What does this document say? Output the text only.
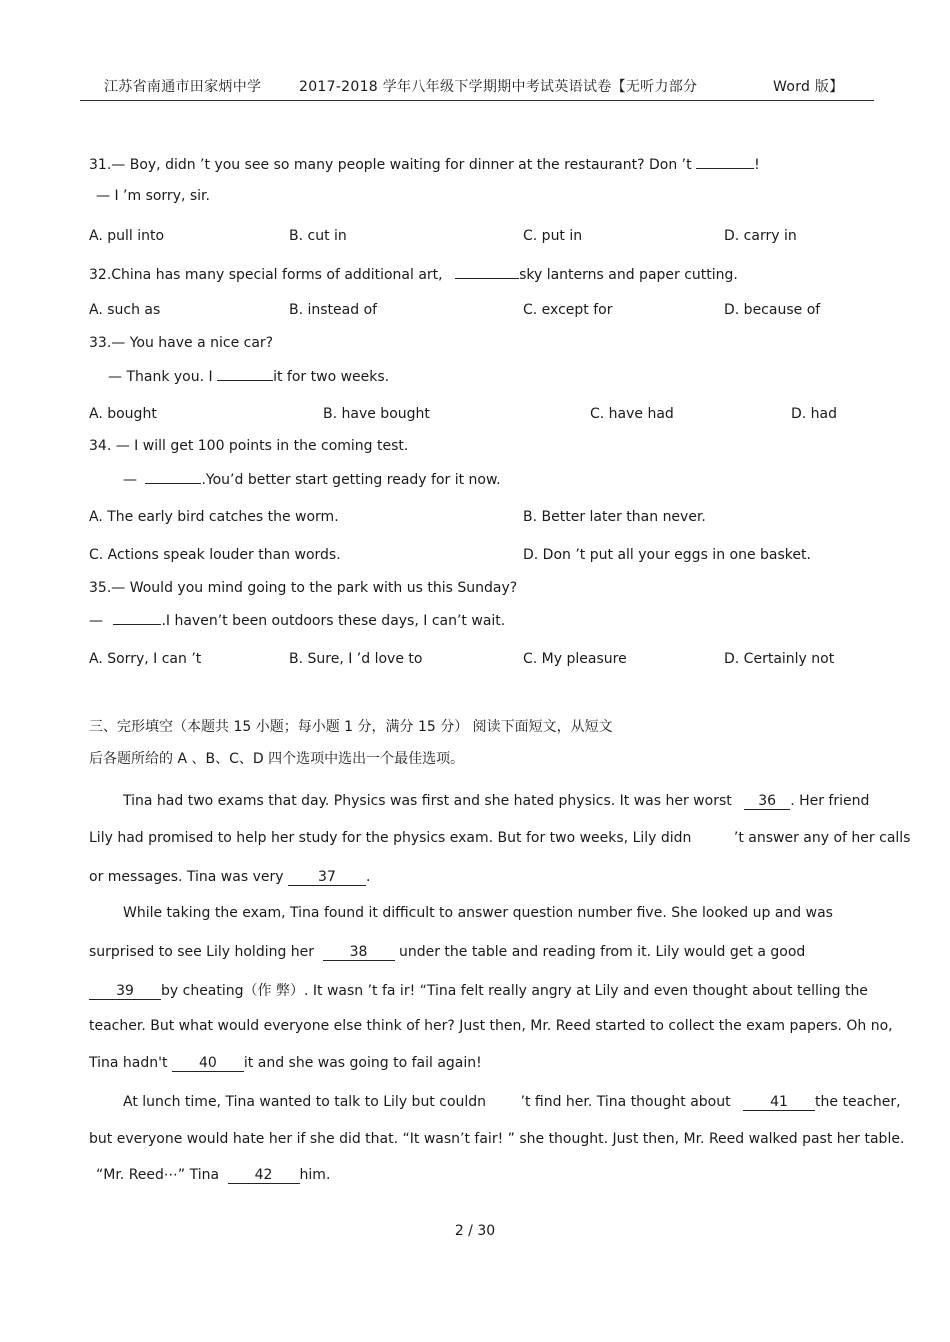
江苏省南通市田家炳中学	2017-2018 学年八年级下学期期中考试英语试卷【无听力部分	Word 版】
31.— Boy, didn ’t you see so many people waiting for dinner at the restaurant? Don ’t	!
— I ’m sorry, sir.
A. pull into	B. cut in	C. put in	D. carry in
32.China has many special forms of additional art,	sky lanterns and paper cutting.
A. such as	B. instead of	C. except for	D. because of
33.— You have a nice car?
— Thank you. I	it for two weeks.
A. bought	B. have bought	C. have had	D. had
34. — I will get 100 points in the coming test.
—	.You’d better start getting ready for it now.
A. The early bird catches the worm.	B. Better later than never.
C. Actions speak louder than words.	D. Don ’t put all your eggs in one basket.
35.— Would you mind going to the park with us this Sunday?
—	.I haven’t been outdoors these days, I can’t wait.
A. Sorry, I can ’t	B. Sure, I ’d love to	C. My pleasure	D. Certainly not
三、完形填空（本题共 15 小题；每小题 1 分，满分 15 分） 阅读下面短文，从短文
后各题所给的 A 、B、C、D 四个选项中选出一个最佳选项。
Tina had two exams that day. Physics was first and she hated physics. It was her worst 36 . Her friend
Lily had promised to help her study for the physics exam. But for two weeks, Lily didn	’t answer any of her calls
or messages. Tina was very 37 .
While taking the exam, Tina found it difficult to answer question number five. She looked up and was
surprised to see Lily holding her	38 under the table and reading from it. Lily would get a good
39 by cheating（作 弊）. It wasn ’t fa ir! “Tina felt really angry at Lily and even thought about telling the
teacher. But what would everyone else think of her? Just then, Mr. Reed started to collect the exam papers. Oh no,
Tina hadn't 40 it and she was going to fail again!
At lunch time, Tina wanted to talk to Lily but couldn ’t find her. Tina thought about	41 the teacher,
but everyone would hate her if she did that. “It wasn’t fair! ” she thought. Just then, Mr. Reed walked past her table.
“Mr. Reed⋯” Tina	42 him.
2 / 30
